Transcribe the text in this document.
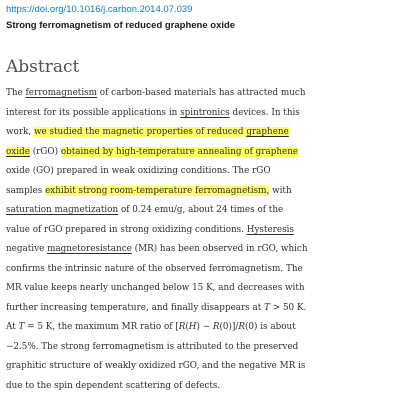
https://doi.org/10.1016/j.carbon.2014.07.039
Strong ferromagnetism of reduced graphene oxide
Abstract
The ferromagnetism of carbon-based materials has attracted much
interest for its possible applications in spintronics devices. In this
work, we studied the magnetic properties of reduced graphene
oxide (rGO) obtained by high-temperature annealing of graphene
oxide (GO) prepared in weak oxidizing conditions. The rGO
samples exhibit strong room-temperature ferromagnetism, with
saturation magnetization of 0.24 emu/g, about 24 times of the
value of rGO prepared in strong oxidizing conditions. Hysteresis
negative magnetoresistance (MR) has been observed in rGO, which
confirms the intrinsic nature of the observed ferromagnetism. The
MR value keeps nearly unchanged below 15 K, and decreases with
further increasing temperature, and finally disappears at T > 50 K.
At T = 5 K, the maximum MR ratio of [R(H) − R(0)]/R(0) is about
−2.5%. The strong ferromagnetism is attributed to the preserved
graphitic structure of weakly oxidized rGO, and the negative MR is
due to the spin dependent scattering of defects.
